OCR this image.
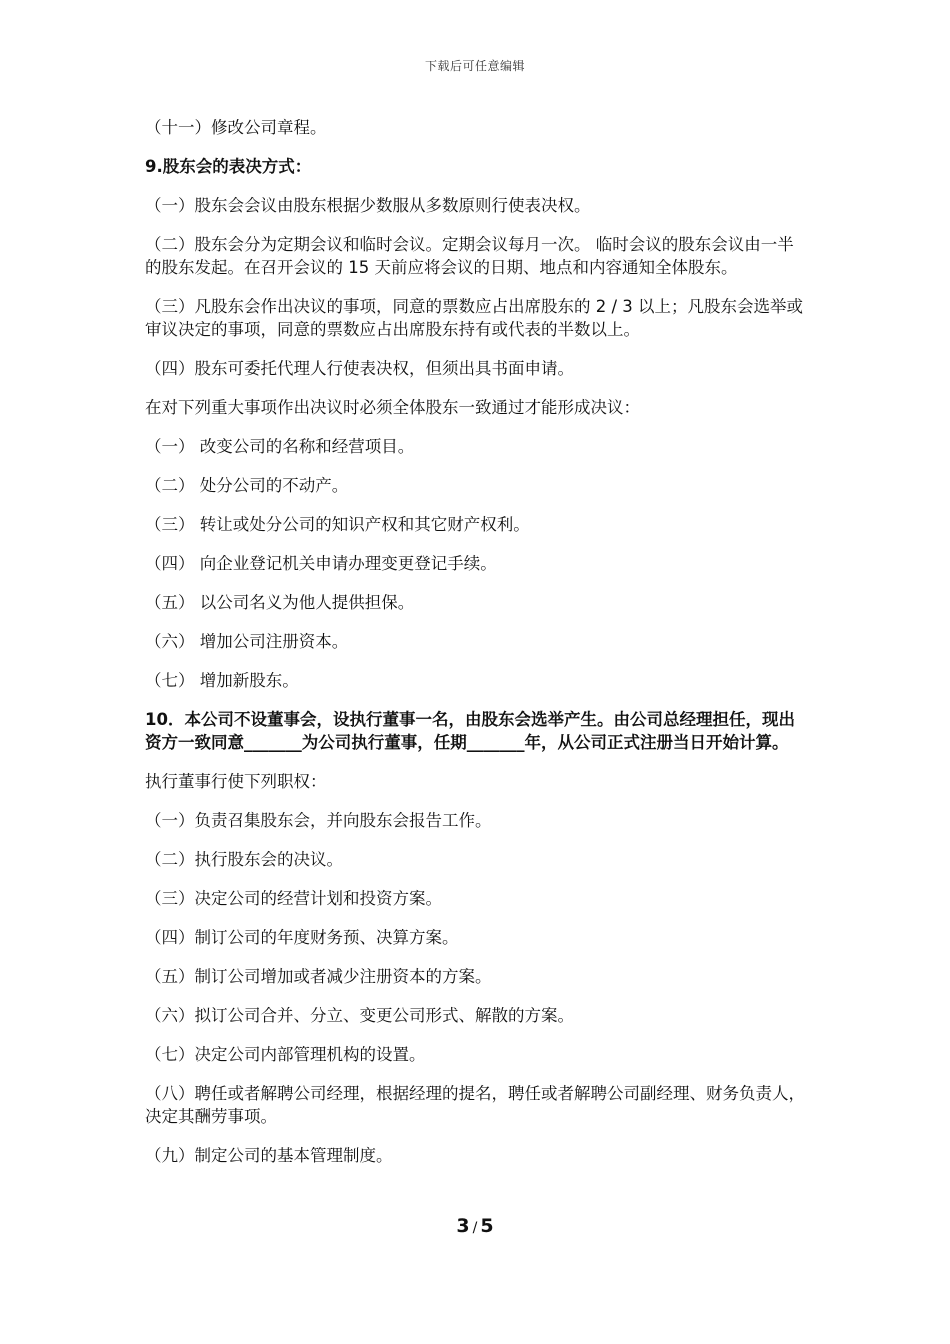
下载后可任意编辑

（十一）修改公司章程。

9.股东会的表决方式：

（一）股东会会议由股东根据少数服从多数原则行使表决权。

（二）股东会分为定期会议和临时会议。定期会议每月一次。 临时会议的股东会议由一半的股东发起。在召开会议的 15 天前应将会议的日期、地点和内容通知全体股东。

（三）凡股东会作出决议的事项，同意的票数应占出席股东的 2 / 3 以上；凡股东会选举或审议决定的事项，同意的票数应占出席股东持有或代表的半数以上。

（四）股东可委托代理人行使表决权，但须出具书面申请。

在对下列重大事项作出决议时必须全体股东一致通过才能形成决议：

（一） 改变公司的名称和经营项目。

（二） 处分公司的不动产。

（三） 转让或处分公司的知识产权和其它财产权利。

（四） 向企业登记机关申请办理变更登记手续。

（五） 以公司名义为他人提供担保。

（六） 增加公司注册资本。

（七） 增加新股东。

10．本公司不设董事会，设执行董事一名，由股东会选举产生。由公司总经理担任，现出资方一致同意_______为公司执行董事，任期_______年，从公司正式注册当日开始计算。

执行董事行使下列职权：

（一）负责召集股东会，并向股东会报告工作。

（二）执行股东会的决议。

（三）决定公司的经营计划和投资方案。

（四）制订公司的年度财务预、决算方案。

（五）制订公司增加或者减少注册资本的方案。

（六）拟订公司合并、分立、变更公司形式、解散的方案。

（七）决定公司内部管理机构的设置。

（八）聘任或者解聘公司经理，根据经理的提名，聘任或者解聘公司副经理、财务负责人，决定其酬劳事项。

（九）制定公司的基本管理制度。

3 / 5
